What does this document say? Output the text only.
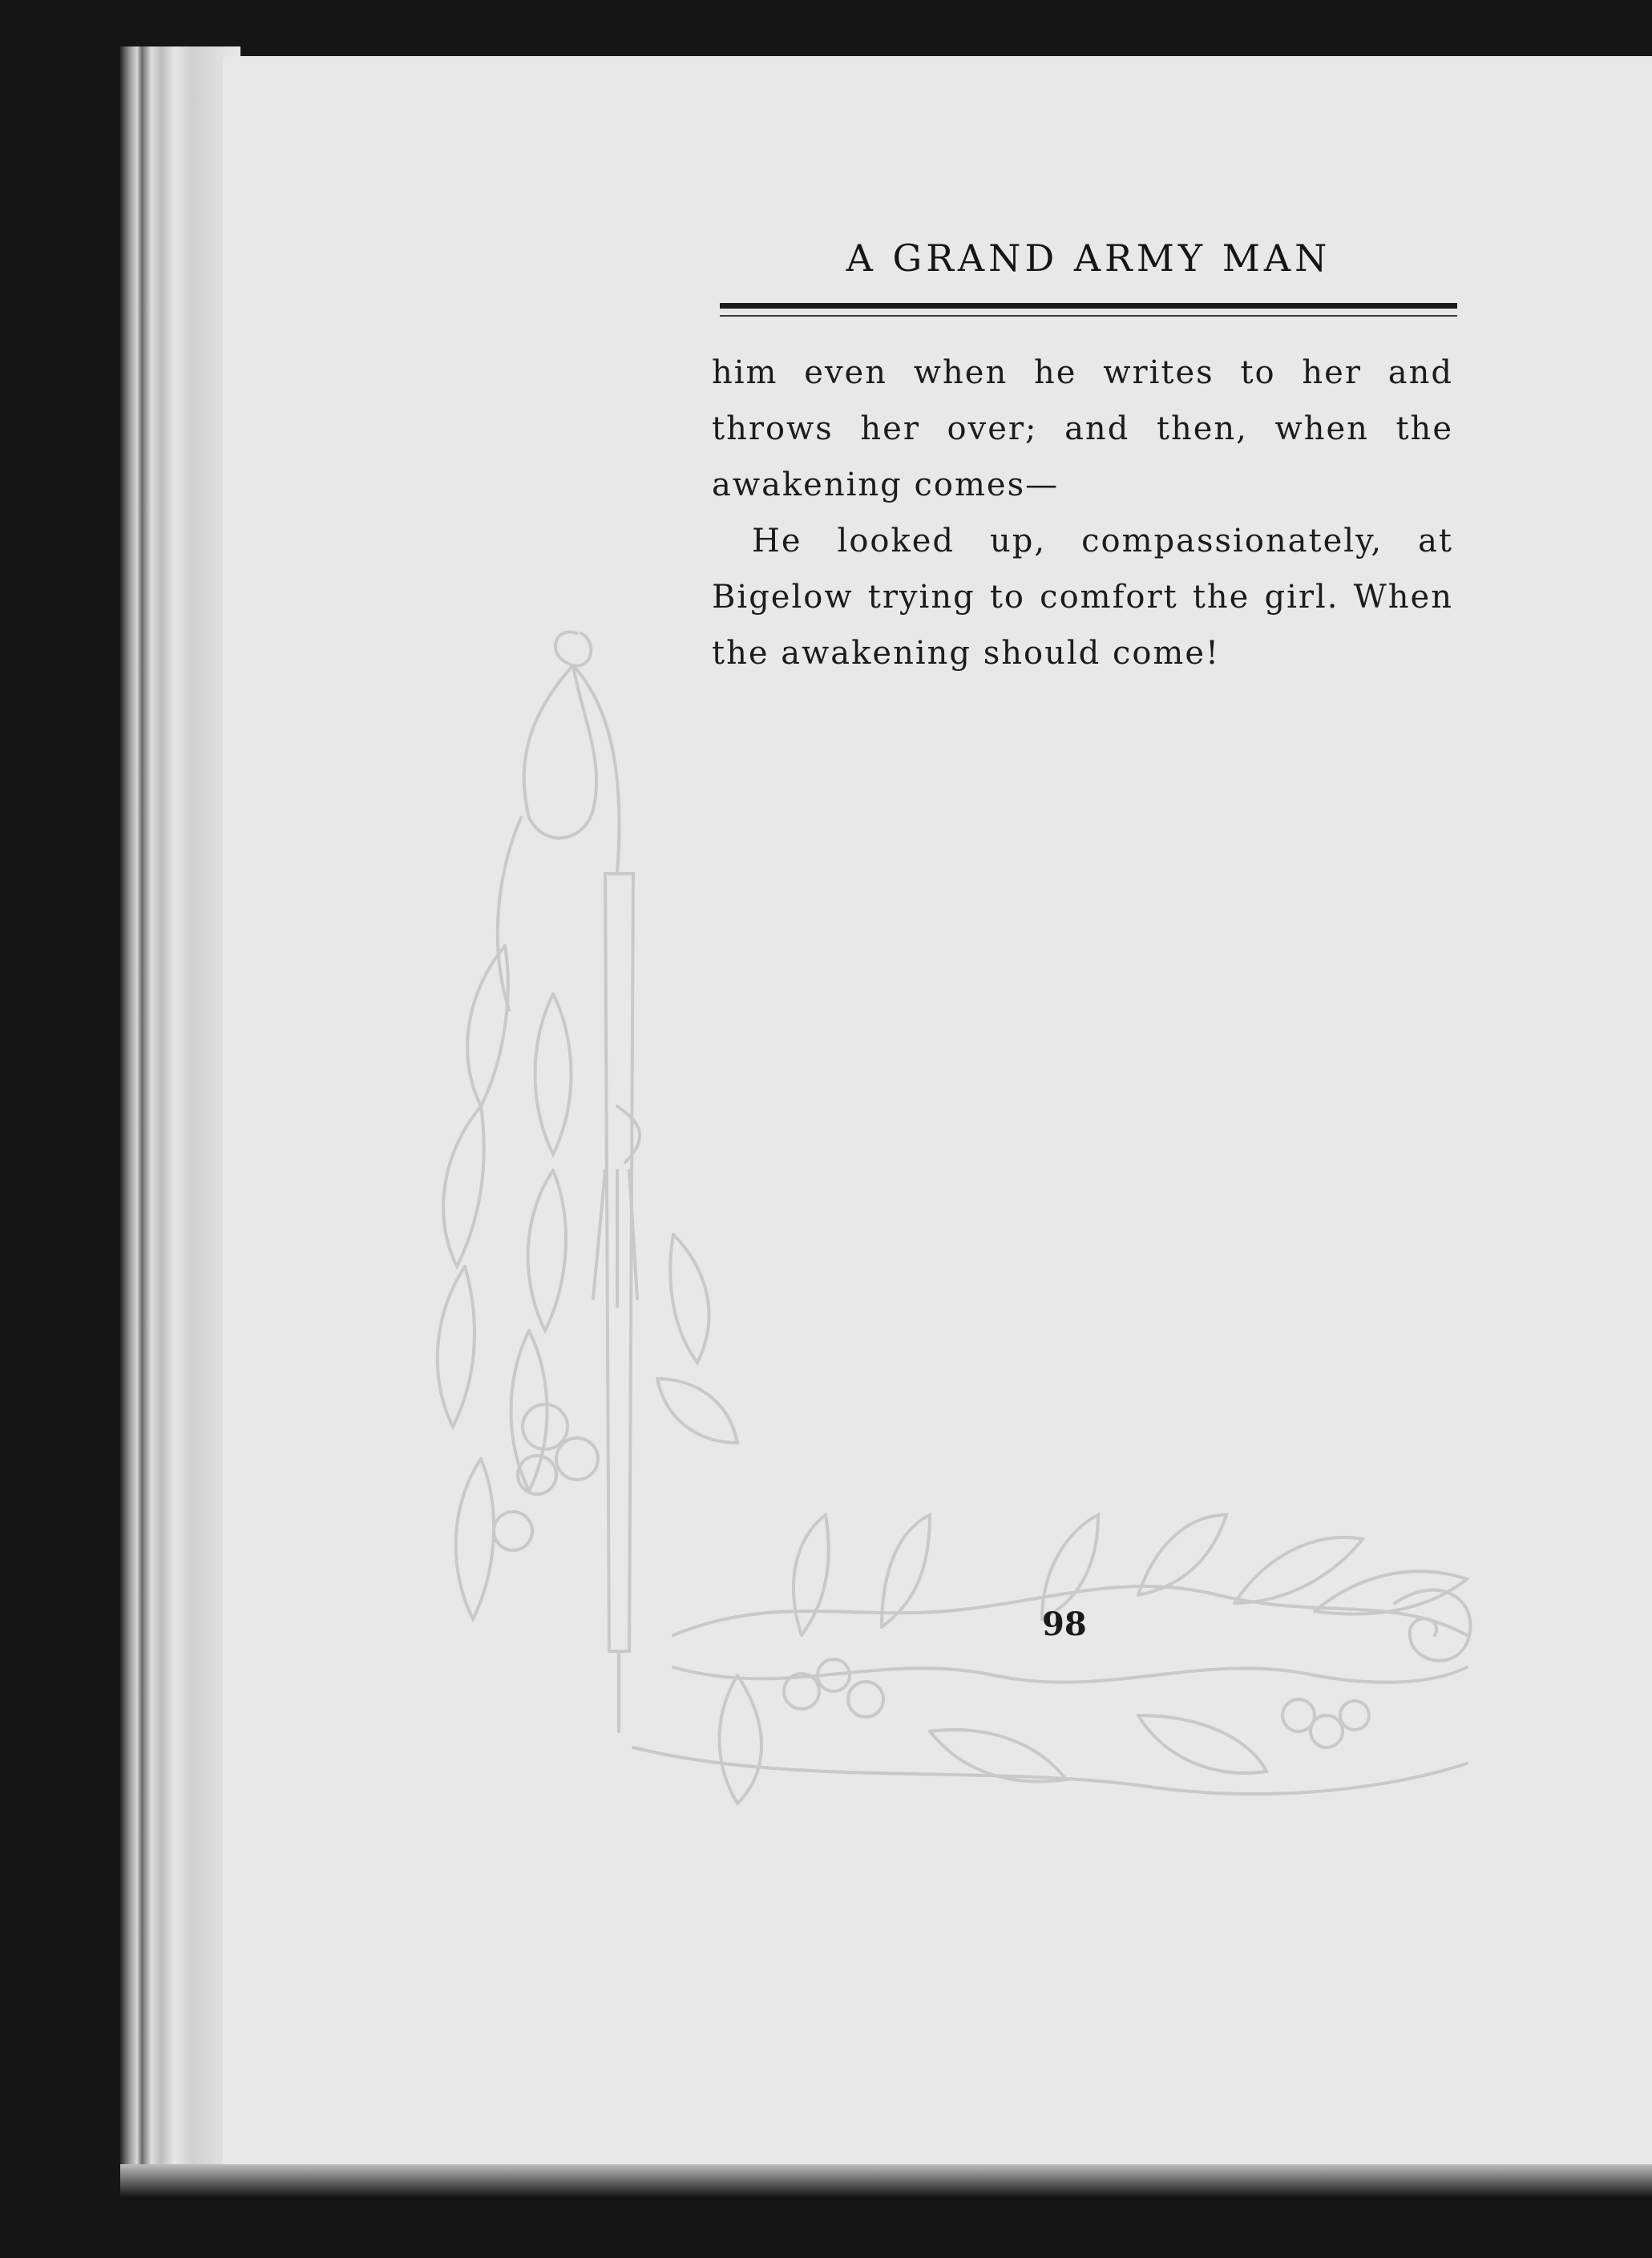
A GRAND ARMY MAN

him even when he writes to her and throws her over; and then, when the awakening comes—

He looked up, compassionately, at Bigelow trying to comfort the girl. When the awakening should come!

98
